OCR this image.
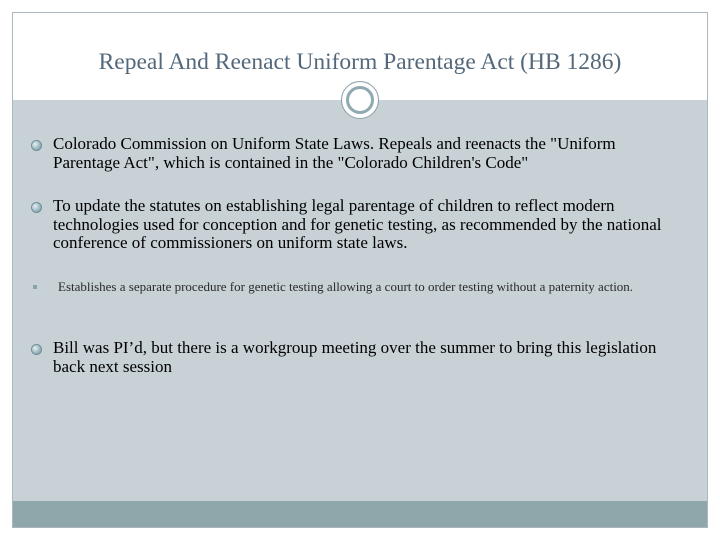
Repeal And Reenact Uniform Parentage Act (HB 1286)
Colorado Commission on Uniform State Laws. Repeals and reenacts the "Uniform Parentage Act", which is contained in the "Colorado Children's Code"
To update the statutes on establishing legal parentage of children to reflect modern technologies used for conception and for genetic testing, as recommended by the national conference of commissioners on uniform state laws.
Establishes a separate procedure for genetic testing allowing a court to order testing without a paternity action.
Bill was PI’d, but there is a workgroup meeting over the summer to bring this legislation back next session
